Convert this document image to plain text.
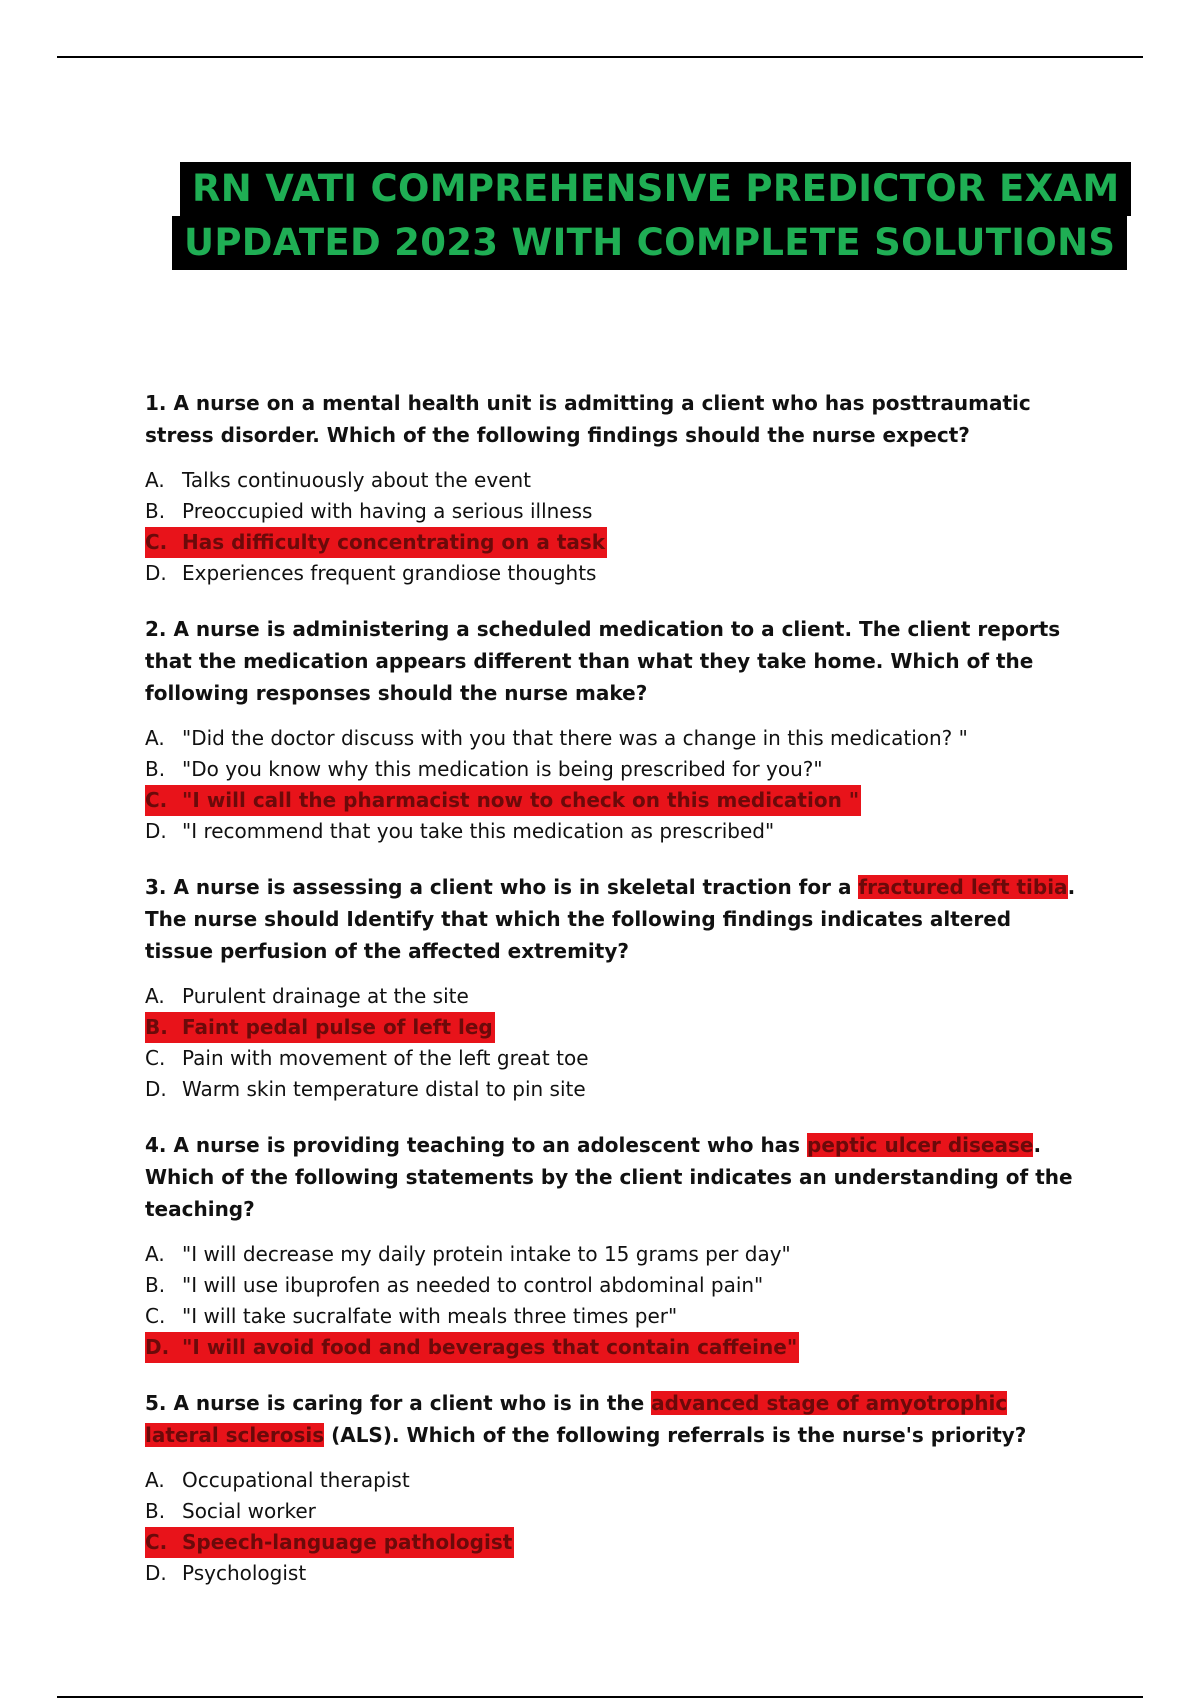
RN VATI COMPREHENSIVE PREDICTOR EXAM
UPDATED 2023 WITH COMPLETE SOLUTIONS

1. A nurse on a mental health unit is admitting a client who has posttraumatic stress disorder. Which of the following findings should the nurse expect?

A. Talks continuously about the event
B. Preoccupied with having a serious illness
C. Has difficulty concentrating on a task
D. Experiences frequent grandiose thoughts

2. A nurse is administering a scheduled medication to a client. The client reports that the medication appears different than what they take home. Which of the following responses should the nurse make?

A. "Did the doctor discuss with you that there was a change in this medication? "
B. "Do you know why this medication is being prescribed for you?"
C. "I will call the pharmacist now to check on this medication "
D. "I recommend that you take this medication as prescribed"

3. A nurse is assessing a client who is in skeletal traction for a fractured left tibia. The nurse should Identify that which the following findings indicates altered tissue perfusion of the affected extremity?

A. Purulent drainage at the site
B. Faint pedal pulse of left leg
C. Pain with movement of the left great toe
D. Warm skin temperature distal to pin site

4. A nurse is providing teaching to an adolescent who has peptic ulcer disease. Which of the following statements by the client indicates an understanding of the teaching?

A. "I will decrease my daily protein intake to 15 grams per day"
B. "I will use ibuprofen as needed to control abdominal pain"
C. "I will take sucralfate with meals three times per"
D. "I will avoid food and beverages that contain caffeine"

5. A nurse is caring for a client who is in the advanced stage of amyotrophic lateral sclerosis (ALS). Which of the following referrals is the nurse's priority?

A. Occupational therapist
B. Social worker
C. Speech-language pathologist
D. Psychologist
